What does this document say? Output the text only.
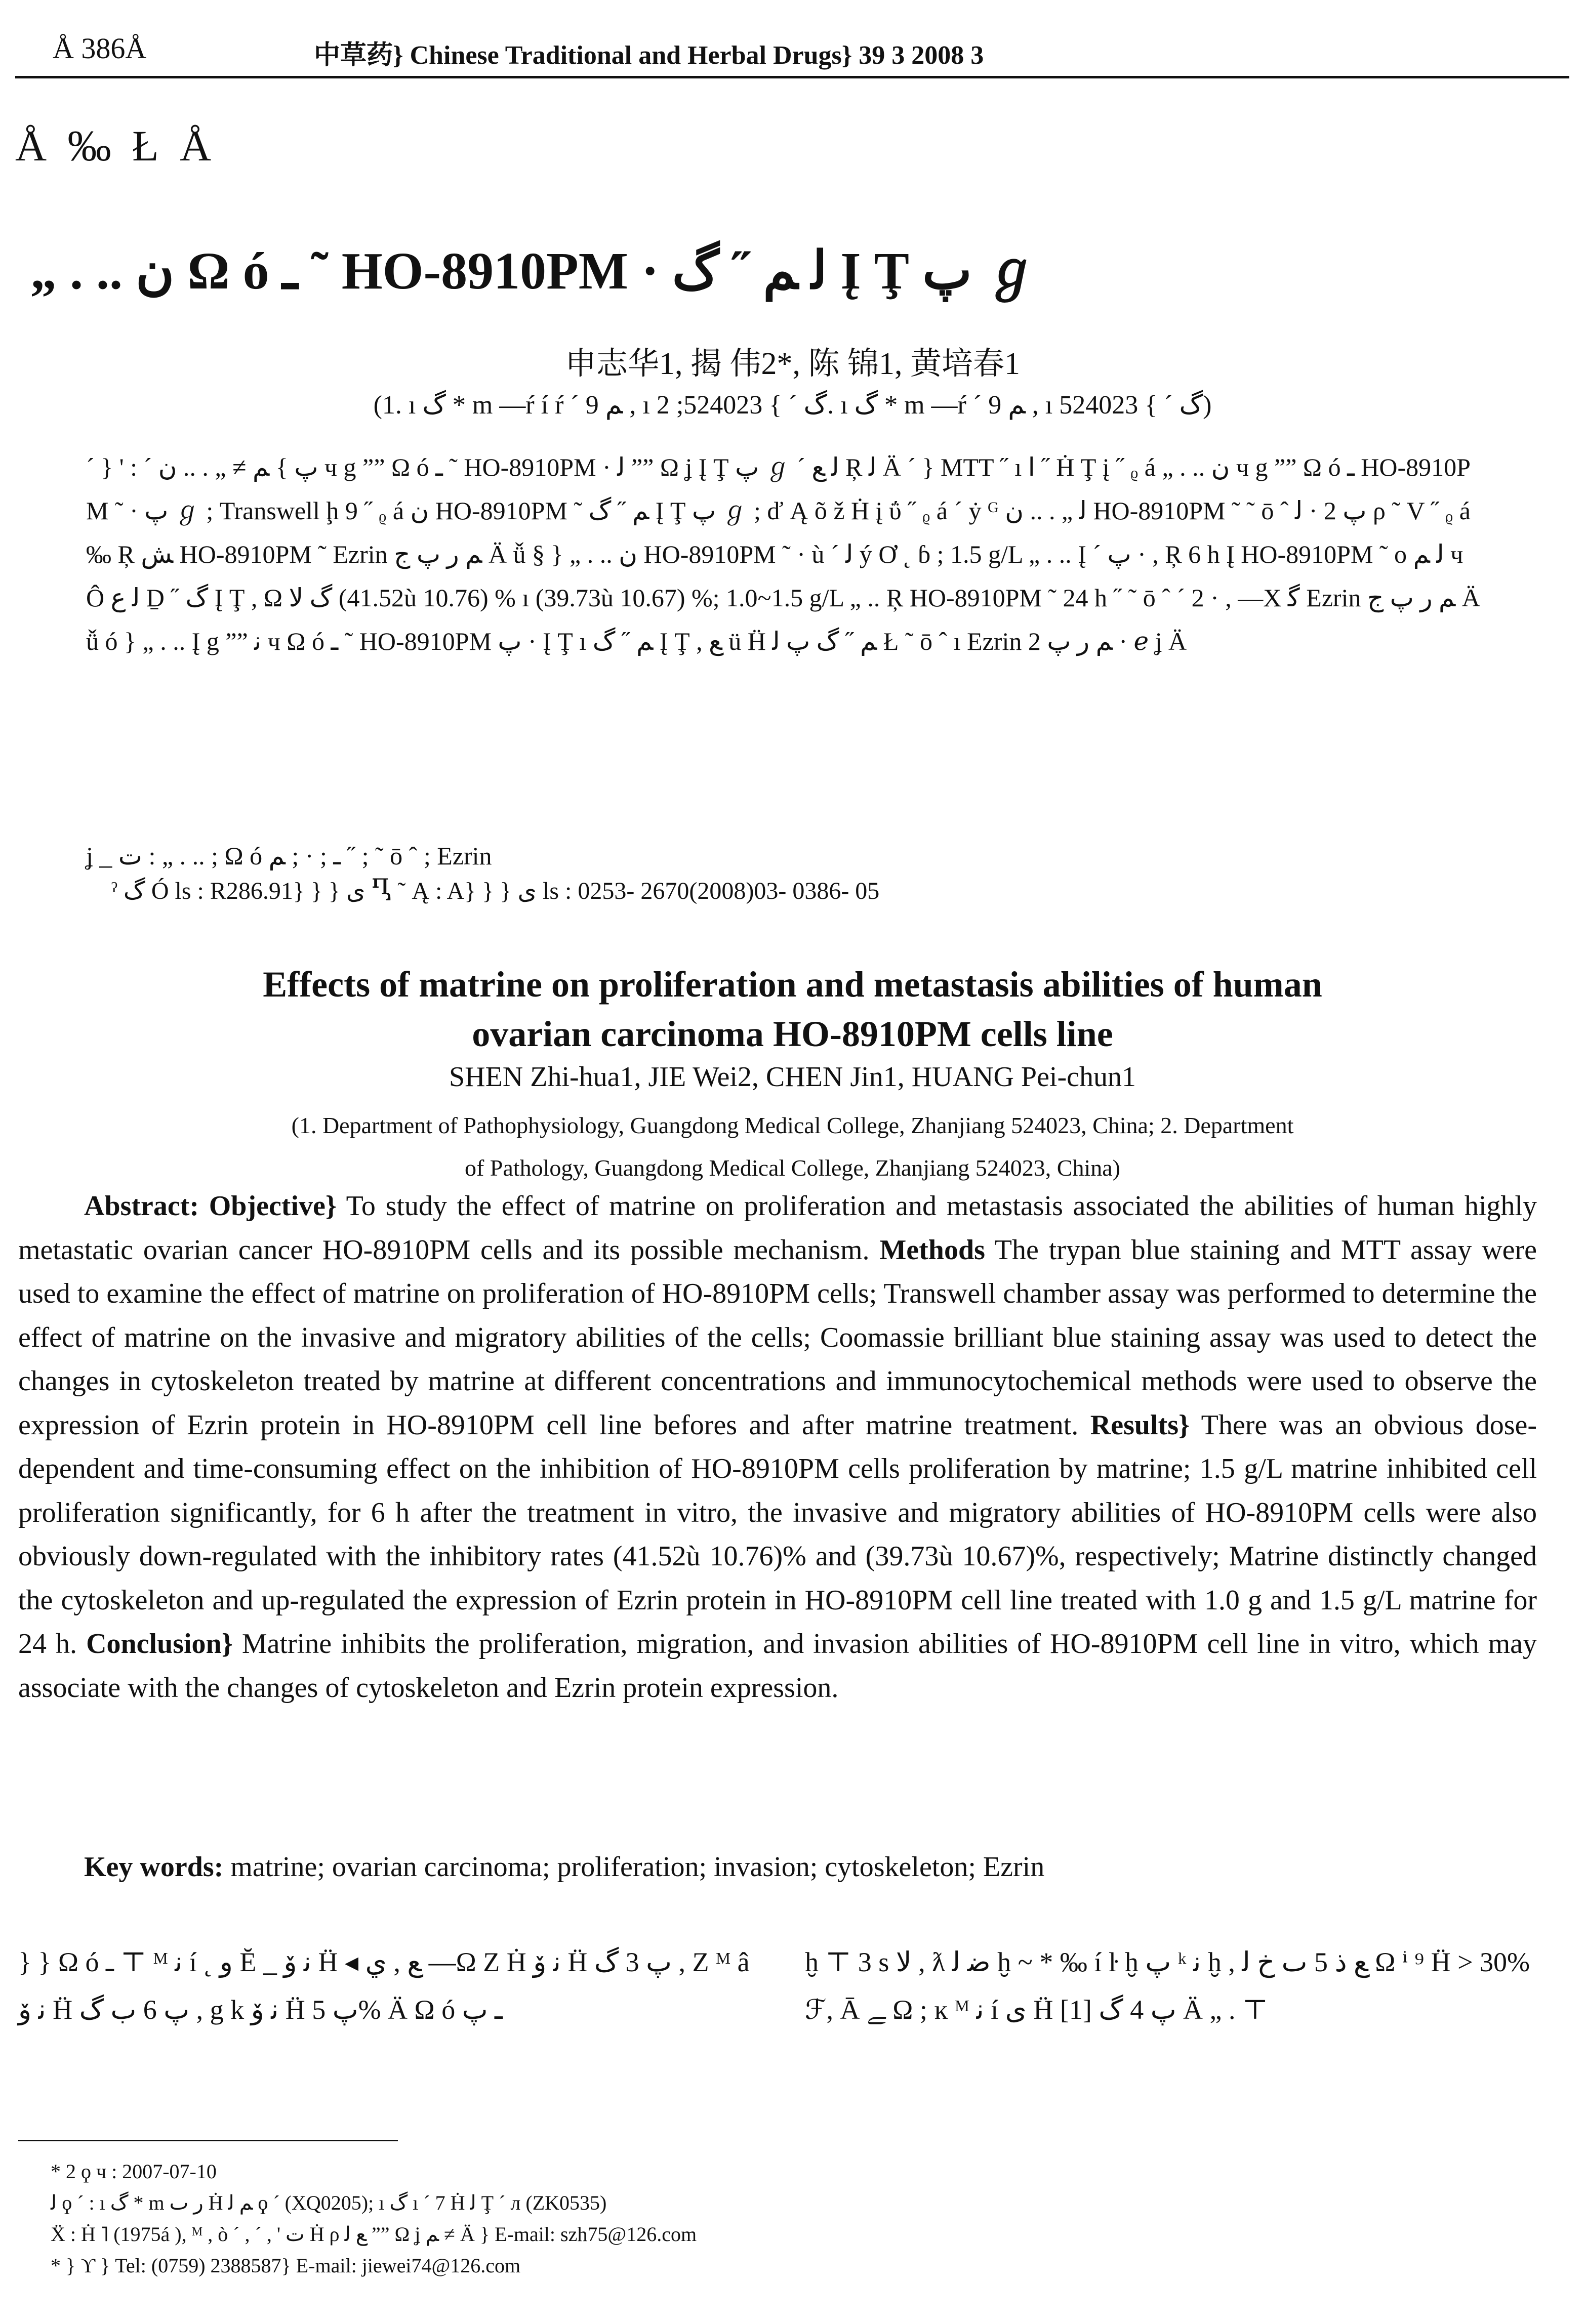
Å 386Å	中草药} Chinese Traditional and Herbal Drugs} 39 3 2008 3
Å ‰ Ł Å
„ . .. ن Ω ó ـ ˜ HO-8910PM · ﻟ ﻢ ˝ ﮒ Į Ţ پ ℊ
申志华1, 揭 伟2*, 陈 锦1, 黄培春1
(1. ı ﮒ * m —ŕ í ŕ ˊ ﻢ 9 , ı ﮒ ˊ } 524023; 2. ı ﮒ * m —ŕ ˊ ﻢ 9 , ı ﮒ ˊ } 524023)
ˊ } ' : ˊ پ } ﻢ ≠ „ . .. ن ч g ”” Ω ó ـ ˜ HO-8910PM · ﻟ ”” Ω ʝ Į Ţ پ ℊ ˊ ﻟ ﻊ Ŗ ﻟ Ä ˊ } MTT ˝ ı ﺍ ˝ Ḣ Ţ į ˝ ᵨ á „ . .. ن ч g ”” Ω ó ـ HO-8910PM ˜ · پ ℊ ; Transwell ḩ 9 ˝ ᵨ á ن HO-8910PM ˜ ﻢ ˝ ﮒ Į Ţ پ ℊ ; ď Ą õ ž Ḣ į ΰ ˝ ᵨ á ˊ ẏ ᴳ ﻟ „ . .. ن HO-8910PM ˜ ˜ ō ˆ پ 2 · ﻟ ρ ˜ V ˝ ᵨ á ‰ Ŗ ﺶ HO-8910PM ˜ Ezrin ﻢ ﺭ پ ﺝ Ä ǚ § } „ . .. ن HO-8910PM ˜ · ù ˊ ﻟ ý Ơ ˛ ɓ ; 1.5 g/L „ . .. Į ˊ پ · , Ŗ 6 h Į HO-8910PM ˜ ο ﻟ ﻢ ч Ô ﻟ ﻉ Ḏ ˝ ﮒ Į Ţ , Ω ﮒ ﻻ (41.52ù 10.76) % ı (39.73ù 10.67) %; 1.0~1.5 g/L „ .. Ŗ HO-8910PM ˜ 24 h ˝ ˜ ō ˆ ˊ 2 · , —X ﮔ Ezrin ﻢ ﺭ پ ﺝ Ä ǚ ó } „ . .. Į g ”” ﻧ ч Ω ó ـ ˜ HO-8910PM پ · Į Ţ ı ﻢ ˝ ﮒ Į Ţ , ﻊ ü Ḧ ﻢ ˝ ﮒ پ ﻟ Ł ˜ ō ˆ ı Ezrin ﻢ ﺭ پ 2 · ℯ ʝ Ä
ʝ _ ﺕ : „ . .. ; Ω ó ـ ; · ; ﻢ ˝ ; ˜ ō ˆ ; Ezrin
ˀ ﮒ Ó ls : R286.91} } } ى Ⴂ ˜ Ą : A} } } ى ls : 0253- 2670(2008)03- 0386- 05
Effects of matrine on proliferation and metastasis abilities of human
ovarian carcinoma HO-8910PM cells line
SHEN Zhi-hua1, JIE Wei2, CHEN Jin1, HUANG Pei-chun1
(1. Department of Pathophysiology, Guangdong Medical College, Zhanjiang 524023, China; 2. Department
of Pathology, Guangdong Medical College, Zhanjiang 524023, China)
Abstract: Objective} To study the effect of matrine on proliferation and metastasis associated the abilities of human highly metastatic ovarian cancer HO-8910PM cells and its possible mechanism. Methods The trypan blue staining and MTT assay were used to examine the effect of matrine on proliferation of HO-8910PM cells; Transwell chamber assay was performed to determine the effect of matrine on the invasive and migratory abilities of the cells; Coomassie brilliant blue staining assay was used to detect the changes in cytoskeleton treated by matrine at different concentrations and immunocytochemical methods were used to observe the expression of Ezrin protein in HO-8910PM cell line befores and after matrine treatment. Results} There was an obvious dose-dependent and time-consuming effect on the inhibition of HO-8910PM cells proliferation by matrine; 1.5 g/L matrine inhibited cell proliferation significantly, for 6 h after the treatment in vitro, the invasive and migratory abilities of HO-8910PM cells were also obviously down-regulated with the inhibitory rates (41.52ù 10.76)% and (39.73ù 10.67)%, respectively; Matrine distinctly changed the cytoskeleton and up-regulated the expression of Ezrin protein in HO-8910PM cell line treated with 1.0 g and 1.5 g/L matrine for 24 h. Conclusion} Matrine inhibits the proliferation, migration, and invasion abilities of HO-8910PM cell line in vitro, which may associate with the changes of cytoskeleton and Ezrin protein expression.
Key words: matrine; ovarian carcinoma; proliferation; invasion; cytoskeleton; Ezrin
} } Ω ó ـ ⊤ ᴹ ﻧ í ˛ ﻭ Ĕ _ ﻧ ﯙ Ḧ ◂ ﻊ , ﻱ —Ω Z Ḣ ﻧ ﯙ Ḧ پ 3 ﮒ , Z ᴹ â ﻧ ﯙ Ḧ پ 6 ﺏ ﮒ , g k ﻧ ﯙ Ḧ پ 5% Ä Ω ó ـ پ
ḫ ⊤ 3 s ﻻ , ƛ ﺿ ﻟ ḫ ~ * ‰ í ŀ ḫ پ ᵏ ﻧ ḫ , ﻊ ﺫ 5 ٮ ﺥ ﻟ Ω ⁱ ⁹ Ḧ > 30% ℱ, Ā ﮯ Ω ; ĸ ᴹ ﻧ í ﻯ Ḧ پ 4 ﮒ [1] Ä „ . ⊤
* 2 ϙ ч : 2007-07-10
ﻟ ϙ ˊ : ı ﮒ * m ﺭ ٮ Ḣ ﻢ ﻟ ϙ ˊ (XQ0205); ı ﮒ ı ˊ 7 Ḣ ﻟ Ţ ˊ л (ZK0535)
Ẍ : Ḣ ˥ (1975á ), ᴹ , ò ˊ , ˊ , ' ﺕ Ḣ ρ ﻊ ﻟ ”” Ω ʝ ﻢ ≠ Ä } E-mail: szh75@126.com
* } ϒ } Tel: (0759) 2388587} E-mail: jiewei74@126.com
